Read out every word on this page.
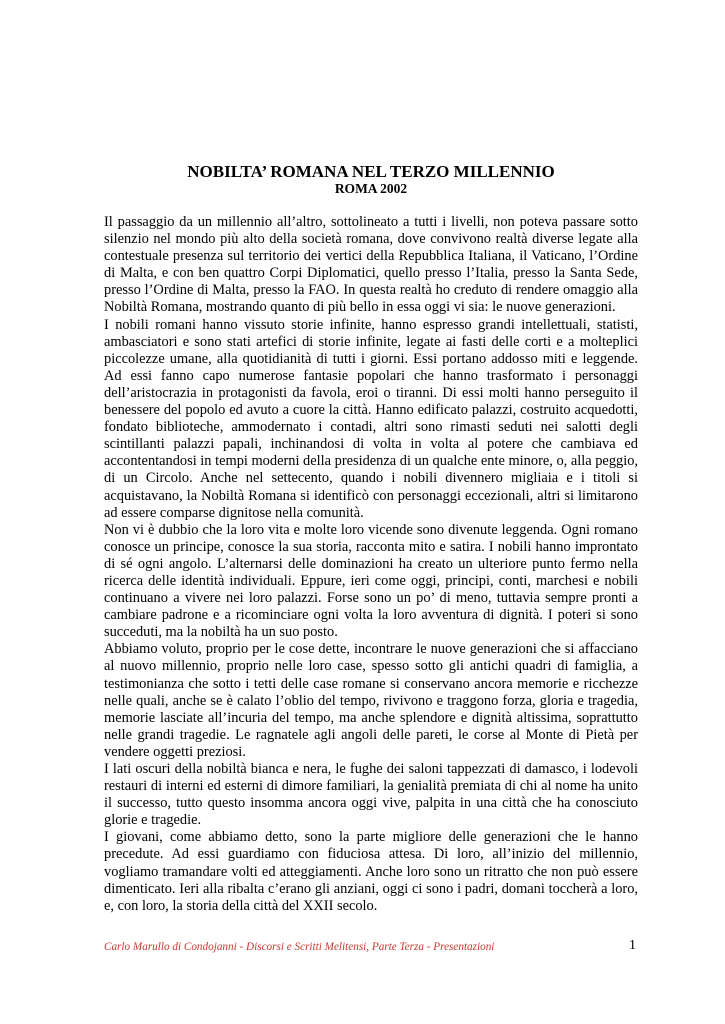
NOBILTA’ ROMANA NEL TERZO MILLENNIO
ROMA 2002

Il passaggio da un millennio all’altro, sottolineato a tutti i livelli, non poteva passare sotto silenzio nel mondo più alto della società romana, dove convivono realtà diverse legate alla contestuale presenza sul territorio dei vertici della Repubblica Italiana, il Vaticano, l’Ordine di Malta, e con ben quattro Corpi Diplomatici, quello presso l’Italia, presso la Santa Sede, presso l’Ordine di Malta, presso la FAO. In questa realtà ho creduto di rendere omaggio alla Nobiltà Romana, mostrando quanto di più bello in essa oggi vi sia: le nuove generazioni.

I nobili romani hanno vissuto storie infinite, hanno espresso grandi intellettuali, statisti, ambasciatori e sono stati artefici di storie infinite, legate ai fasti delle corti e a molteplici piccolezze umane, alla quotidianità di tutti i giorni. Essi portano addosso miti e leggende. Ad essi fanno capo numerose fantasie popolari che hanno trasformato i personaggi dell’aristocrazia in protagonisti da favola, eroi o tiranni. Di essi molti hanno perseguito il benessere del popolo ed avuto a cuore la città. Hanno edificato palazzi, costruito acquedotti, fondato biblioteche, ammodernato i contadi, altri sono rimasti seduti nei salotti degli scintillanti palazzi papali, inchinandosi di volta in volta al potere che cambiava ed accontentandosi in tempi moderni della presidenza di un qualche ente minore, o, alla peggio, di un Circolo. Anche nel settecento, quando i nobili divennero migliaia e i titoli si acquistavano, la Nobiltà Romana si identificò con personaggi eccezionali, altri si limitarono ad essere comparse dignitose nella comunità.

Non vi è dubbio che la loro vita e molte loro vicende sono divenute leggenda. Ogni romano conosce un principe, conosce la sua storia, racconta mito e satira. I nobili hanno improntato di sé ogni angolo. L’alternarsi delle dominazioni ha creato un ulteriore punto fermo nella ricerca delle identità individuali. Eppure, ieri come oggi, principi, conti, marchesi e nobili continuano a vivere nei loro palazzi. Forse sono un po’ di meno, tuttavia sempre pronti a cambiare padrone e a ricominciare ogni volta la loro avventura di dignità. I poteri si sono succeduti, ma la nobiltà ha un suo posto.

Abbiamo voluto, proprio per le cose dette, incontrare le nuove generazioni che si affacciano al nuovo millennio, proprio nelle loro case, spesso sotto gli antichi quadri di famiglia, a testimonianza che sotto i tetti delle case romane si conservano ancora memorie e ricchezze nelle quali, anche se è calato l’oblio del tempo, rivivono e traggono forza, gloria e tragedia, memorie lasciate all’incuria del tempo, ma anche splendore e dignità altissima, soprattutto nelle grandi tragedie. Le ragnatele agli angoli delle pareti, le corse al Monte di Pietà per vendere oggetti preziosi.

I lati oscuri della nobiltà bianca e nera, le fughe dei saloni tappezzati di damasco, i lodevoli restauri di interni ed esterni di dimore familiari, la genialità premiata di chi al nome ha unito il successo, tutto questo insomma ancora oggi vive, palpita in una città che ha conosciuto glorie e tragedie.

I giovani, come abbiamo detto, sono la parte migliore delle generazioni che le hanno precedute. Ad essi guardiamo con fiduciosa attesa. Di loro, all’inizio del millennio, vogliamo tramandare volti ed atteggiamenti. Anche loro sono un ritratto che non può essere dimenticato. Ieri alla ribalta c’erano gli anziani, oggi ci sono i padri, domani toccherà a loro, e, con loro, la storia della città del XXII secolo.

Carlo Marullo di Condojanni - Discorsi e Scritti Melitensi, Parte Terza - Presentazioni	1
